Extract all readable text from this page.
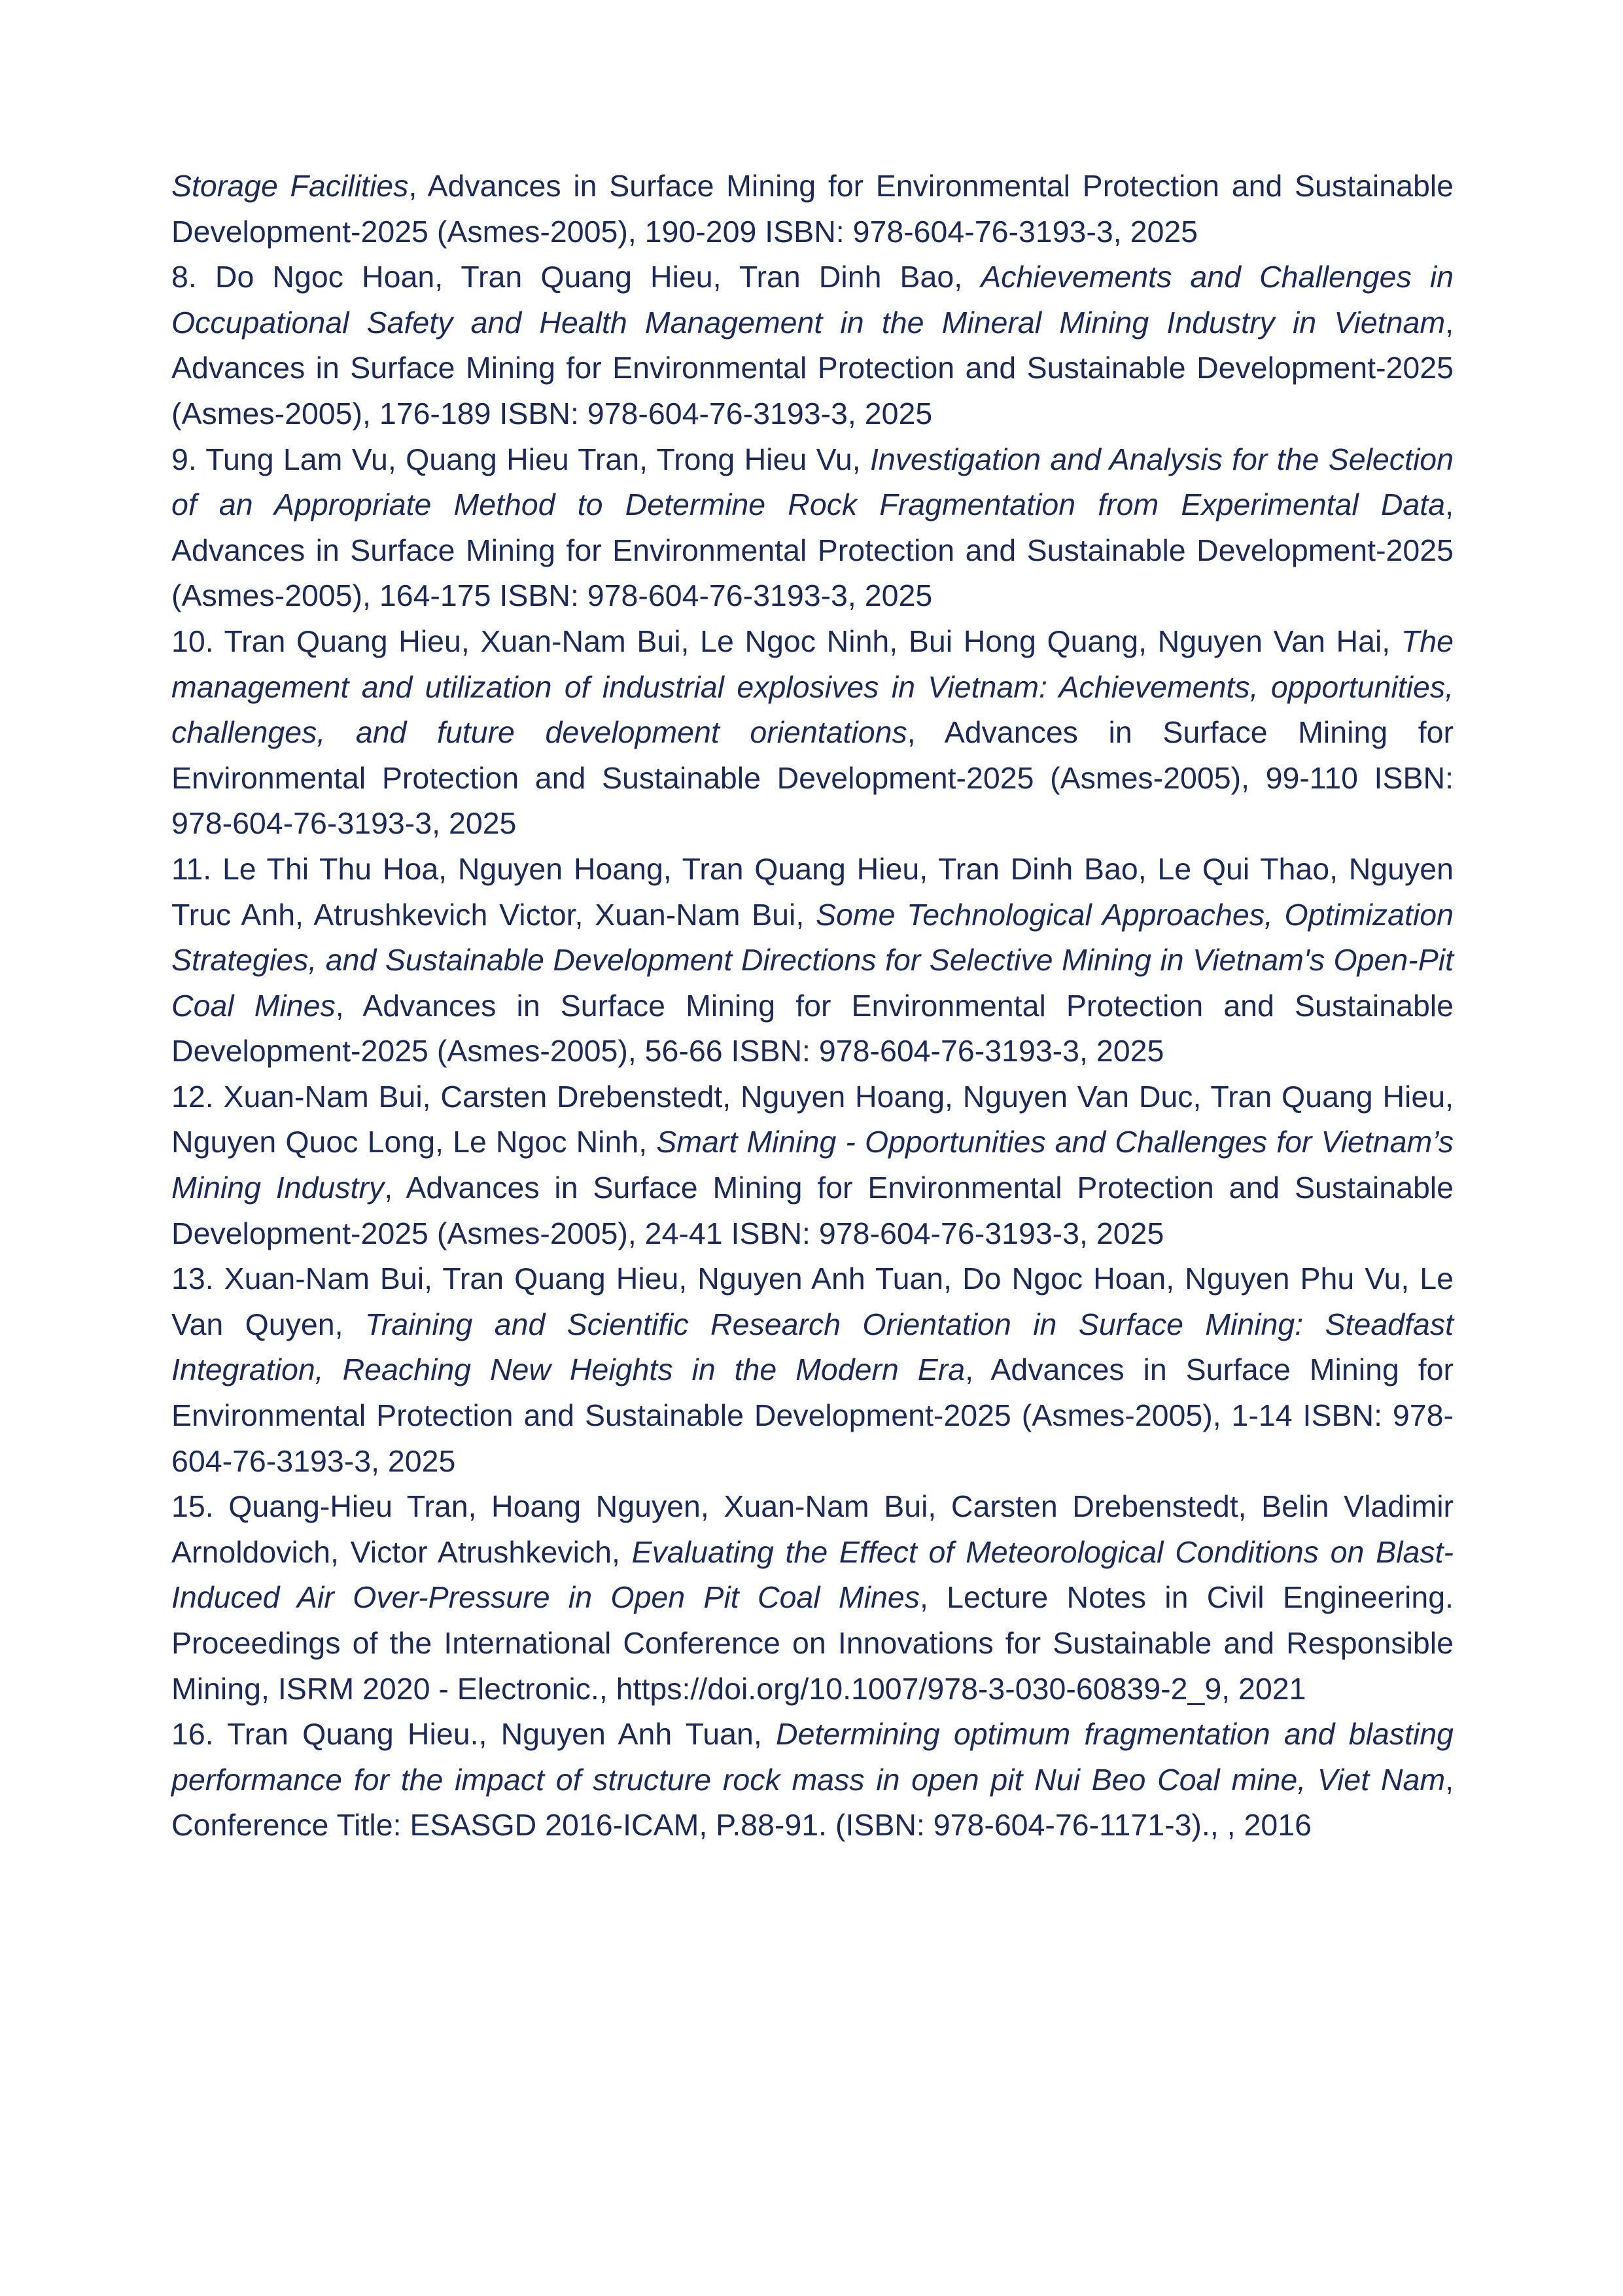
Storage Facilities, Advances in Surface Mining for Environmental Protection and Sustainable Development-2025 (Asmes-2005), 190-209 ISBN: 978-604-76-3193-3, 2025

8. Do Ngoc Hoan, Tran Quang Hieu, Tran Dinh Bao, Achievements and Challenges in Occupational Safety and Health Management in the Mineral Mining Industry in Vietnam, Advances in Surface Mining for Environmental Protection and Sustainable Development-2025 (Asmes-2005), 176-189 ISBN: 978-604-76-3193-3, 2025

9. Tung Lam Vu, Quang Hieu Tran, Trong Hieu Vu, Investigation and Analysis for the Selection of an Appropriate Method to Determine Rock Fragmentation from Experimental Data, Advances in Surface Mining for Environmental Protection and Sustainable Development-2025 (Asmes-2005), 164-175 ISBN: 978-604-76-3193-3, 2025

10. Tran Quang Hieu, Xuan-Nam Bui, Le Ngoc Ninh, Bui Hong Quang, Nguyen Van Hai, The management and utilization of industrial explosives in Vietnam: Achievements, opportunities, challenges, and future development orientations, Advances in Surface Mining for Environmental Protection and Sustainable Development-2025 (Asmes-2005), 99-110 ISBN: 978-604-76-3193-3, 2025

11. Le Thi Thu Hoa, Nguyen Hoang, Tran Quang Hieu, Tran Dinh Bao, Le Qui Thao, Nguyen Truc Anh, Atrushkevich Victor, Xuan-Nam Bui, Some Technological Approaches, Optimization Strategies, and Sustainable Development Directions for Selective Mining in Vietnam's Open-Pit Coal Mines, Advances in Surface Mining for Environmental Protection and Sustainable Development-2025 (Asmes-2005), 56-66 ISBN: 978-604-76-3193-3, 2025

12. Xuan-Nam Bui, Carsten Drebenstedt, Nguyen Hoang, Nguyen Van Duc, Tran Quang Hieu, Nguyen Quoc Long, Le Ngoc Ninh, Smart Mining - Opportunities and Challenges for Vietnam’s Mining Industry, Advances in Surface Mining for Environmental Protection and Sustainable Development-2025 (Asmes-2005), 24-41 ISBN: 978-604-76-3193-3, 2025

13. Xuan-Nam Bui, Tran Quang Hieu, Nguyen Anh Tuan, Do Ngoc Hoan, Nguyen Phu Vu, Le Van Quyen, Training and Scientific Research Orientation in Surface Mining: Steadfast Integration, Reaching New Heights in the Modern Era, Advances in Surface Mining for Environmental Protection and Sustainable Development-2025 (Asmes-2005), 1-14 ISBN: 978-604-76-3193-3, 2025

15. Quang-Hieu Tran, Hoang Nguyen, Xuan-Nam Bui, Carsten Drebenstedt, Belin Vladimir Arnoldovich, Victor Atrushkevich, Evaluating the Effect of Meteorological Conditions on Blast-Induced Air Over-Pressure in Open Pit Coal Mines, Lecture Notes in Civil Engineering. Proceedings of the International Conference on Innovations for Sustainable and Responsible Mining, ISRM 2020 - Electronic., https://doi.org/10.1007/978-3-030-60839-2_9, 2021

16. Tran Quang Hieu., Nguyen Anh Tuan, Determining optimum fragmentation and blasting performance for the impact of structure rock mass in open pit Nui Beo Coal mine, Viet Nam, Conference Title: ESASGD 2016-ICAM, P.88-91. (ISBN: 978-604-76-1171-3)., , 2016
